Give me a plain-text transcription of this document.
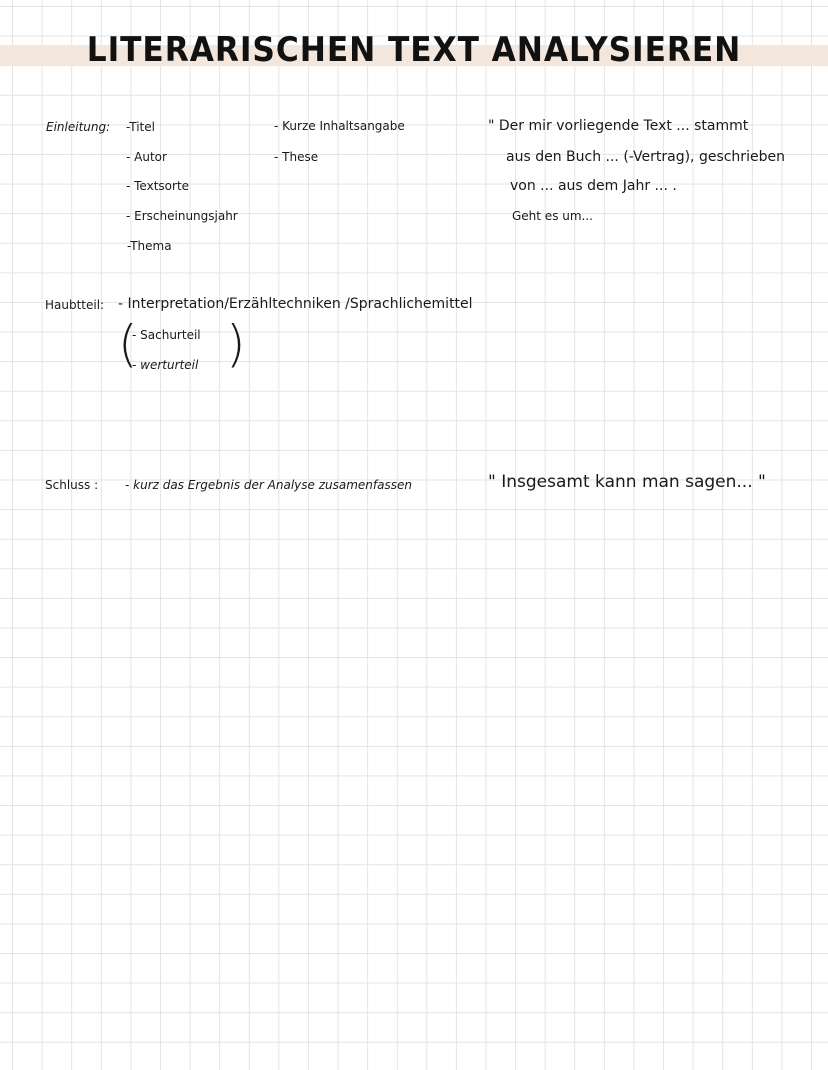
LITERARISCHEN TEXT ANALYSIEREN
Einleitung: -Titel
- Autor
- Textsorte
- Erscheinungsjahr
-Thema
- Kurze Inhaltsangabe
- These
" Der mir vorliegende Text ... stammt
aus den Buch ... (-Vertrag), geschrieben
von ... aus dem Jahr ... .
Geht es um...
Haubtteil: - Interpretation/Erzähltechniken /Sprachlichemittel
(
- Sachurteil
- werturteil )
Schluss : - kurz das Ergebnis der Analyse zusamenfassen	" Insgesamt kann man sagen... "
